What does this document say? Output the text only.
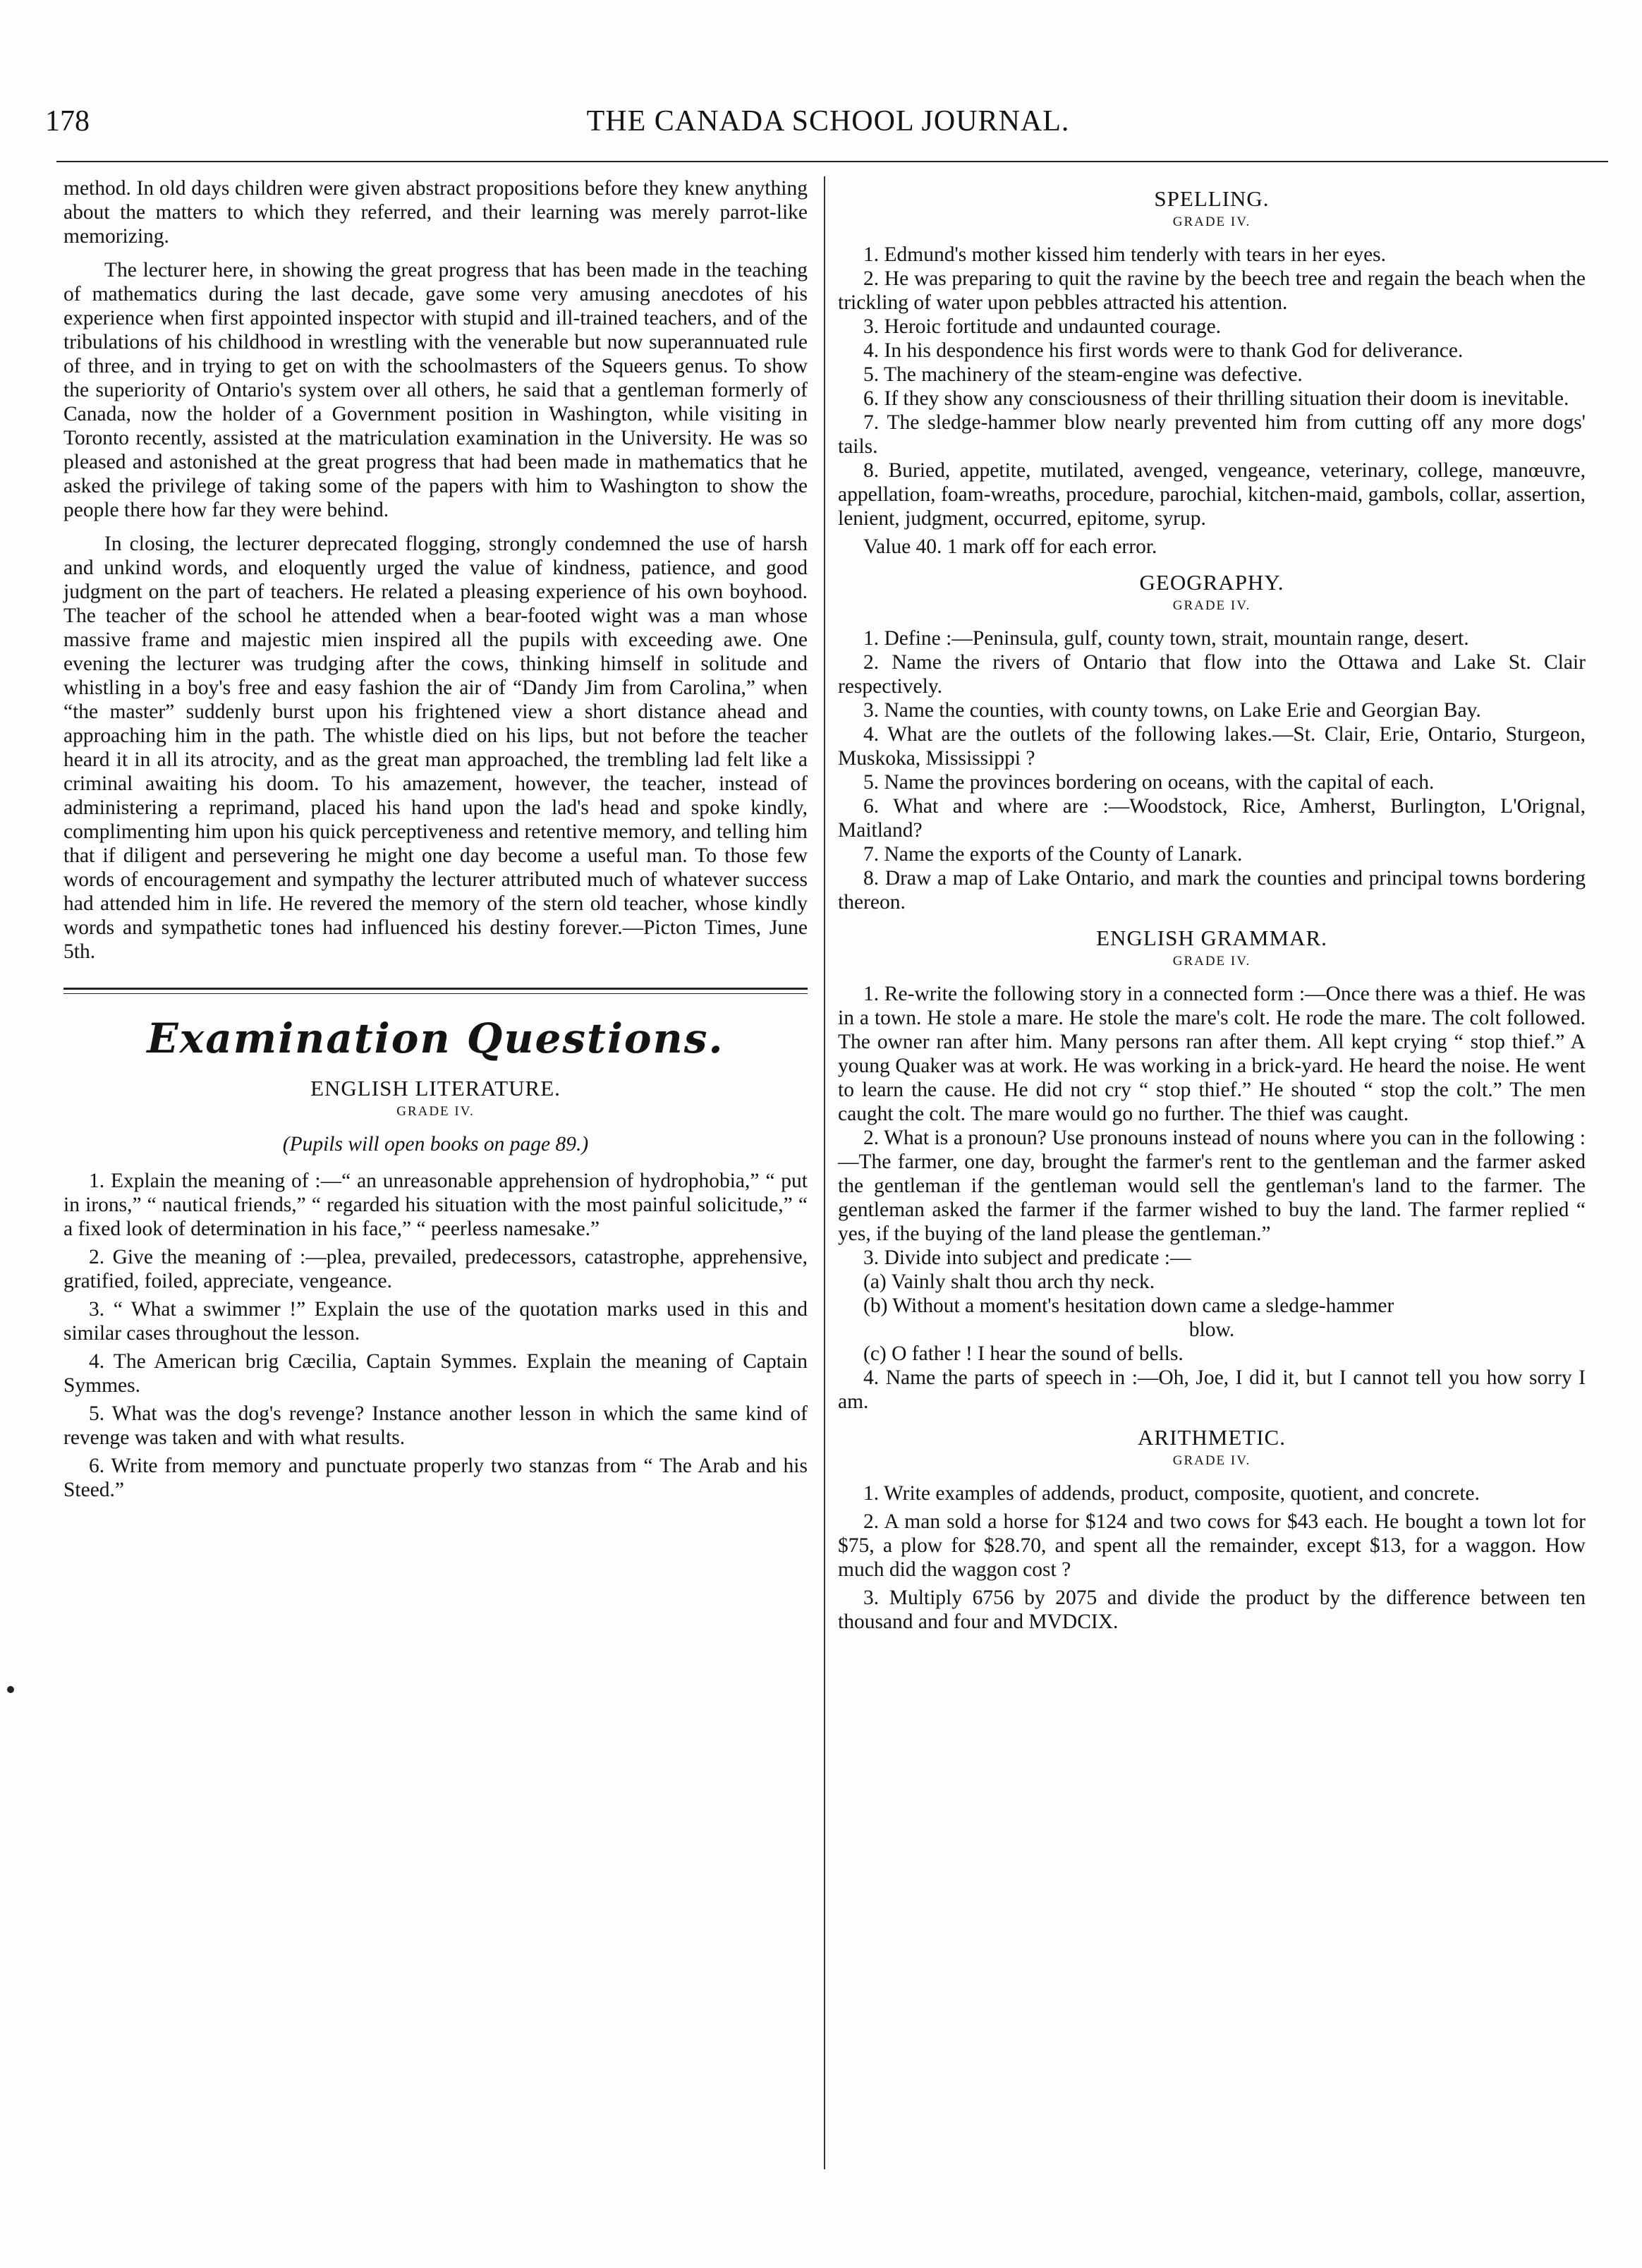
178	THE CANADA SCHOOL JOURNAL.

method. In old days children were given abstract propositions before they knew anything about the matters to which they referred, and their learning was merely parrot-like memorizing.

The lecturer here, in showing the great progress that has been made in the teaching of mathematics during the last decade, gave some very amusing anecdotes of his experience when first appointed inspector with stupid and ill-trained teachers, and of the tribulations of his childhood in wrestling with the venerable but now superannuated rule of three, and in trying to get on with the schoolmasters of the Squeers genus. To show the superiority of Ontario's system over all others, he said that a gentleman formerly of Canada, now the holder of a Government position in Washington, while visiting in Toronto recently, assisted at the matriculation examination in the University. He was so pleased and astonished at the great progress that had been made in mathematics that he asked the privilege of taking some of the papers with him to Washington to show the people there how far they were behind.

In closing, the lecturer deprecated flogging, strongly condemned the use of harsh and unkind words, and eloquently urged the value of kindness, patience, and good judgment on the part of teachers. He related a pleasing experience of his own boyhood. The teacher of the school he attended when a bear-footed wight was a man whose massive frame and majestic mien inspired all the pupils with exceeding awe. One evening the lecturer was trudging after the cows, thinking himself in solitude and whistling in a boy's free and easy fashion the air of “Dandy Jim from Carolina,” when “the master” suddenly burst upon his frightened view a short distance ahead and approaching him in the path. The whistle died on his lips, but not before the teacher heard it in all its atrocity, and as the great man approached, the trembling lad felt like a criminal awaiting his doom. To his amazement, however, the teacher, instead of administering a reprimand, placed his hand upon the lad's head and spoke kindly, complimenting him upon his quick perceptiveness and retentive memory, and telling him that if diligent and persevering he might one day become a useful man. To those few words of encouragement and sympathy the lecturer attributed much of whatever success had attended him in life. He revered the memory of the stern old teacher, whose kindly words and sympathetic tones had influenced his destiny forever.—Picton Times, June 5th.

Examination Questions.
ENGLISH LITERATURE.
GRADE IV.
(Pupils will open books on page 89.)

1. Explain the meaning of :—“ an unreasonable apprehension of hydrophobia,” “ put in irons,” “ nautical friends,” “ regarded his situation with the most painful solicitude,” “ a fixed look of determination in his face,” “ peerless namesake.”

2. Give the meaning of :—plea, prevailed, predecessors, catastrophe, apprehensive, gratified, foiled, appreciate, vengeance.

3. “ What a swimmer !” Explain the use of the quotation marks used in this and similar cases throughout the lesson.

4. The American brig Cæcilia, Captain Symmes. Explain the meaning of Captain Symmes.

5. What was the dog's revenge? Instance another lesson in which the same kind of revenge was taken and with what results.

6. Write from memory and punctuate properly two stanzas from “ The Arab and his Steed.”

SPELLING.
GRADE IV.

1. Edmund's mother kissed him tenderly with tears in her eyes.

2. He was preparing to quit the ravine by the beech tree and regain the beach when the trickling of water upon pebbles attracted his attention.

3. Heroic fortitude and undaunted courage.

4. In his despondence his first words were to thank God for deliverance.

5. The machinery of the steam-engine was defective.

6. If they show any consciousness of their thrilling situation their doom is inevitable.

7. The sledge-hammer blow nearly prevented him from cutting off any more dogs' tails.

8. Buried, appetite, mutilated, avenged, vengeance, veterinary, college, manœuvre, appellation, foam-wreaths, procedure, parochial, kitchen-maid, gambols, collar, assertion, lenient, judgment, occurred, epitome, syrup.

Value 40. 1 mark off for each error.

GEOGRAPHY.
GRADE IV.

1. Define :—Peninsula, gulf, county town, strait, mountain range, desert.

2. Name the rivers of Ontario that flow into the Ottawa and Lake St. Clair respectively.

3. Name the counties, with county towns, on Lake Erie and Georgian Bay.

4. What are the outlets of the following lakes.—St. Clair, Erie, Ontario, Sturgeon, Muskoka, Mississippi ?

5. Name the provinces bordering on oceans, with the capital of each.

6. What and where are :—Woodstock, Rice, Amherst, Burlington, L'Orignal, Maitland?

7. Name the exports of the County of Lanark.

8. Draw a map of Lake Ontario, and mark the counties and principal towns bordering thereon.

ENGLISH GRAMMAR.
GRADE IV.

1. Re-write the following story in a connected form :—Once there was a thief. He was in a town. He stole a mare. He stole the mare's colt. He rode the mare. The colt followed. The owner ran after him. Many persons ran after them. All kept crying “ stop thief.” A young Quaker was at work. He was working in a brick-yard. He heard the noise. He went to learn the cause. He did not cry “ stop thief.” He shouted “ stop the colt.” The men caught the colt. The mare would go no further. The thief was caught.

2. What is a pronoun? Use pronouns instead of nouns where you can in the following :—The farmer, one day, brought the farmer's rent to the gentleman and the farmer asked the gentleman if the gentleman would sell the gentleman's land to the farmer. The gentleman asked the farmer if the farmer wished to buy the land. The farmer replied “ yes, if the buying of the land please the gentleman.”

3. Divide into subject and predicate :—

(a) Vainly shalt thou arch thy neck.

(b) Without a moment's hesitation down came a sledge-hammer

blow.

(c) O father ! I hear the sound of bells.

4. Name the parts of speech in :—Oh, Joe, I did it, but I cannot tell you how sorry I am.

ARITHMETIC.
GRADE IV.

1. Write examples of addends, product, composite, quotient, and concrete.

2. A man sold a horse for $124 and two cows for $43 each. He bought a town lot for $75, a plow for $28.70, and spent all the remainder, except $13, for a waggon. How much did the waggon cost ?

3. Multiply 6756 by 2075 and divide the product by the difference between ten thousand and four and MVDCIX.
